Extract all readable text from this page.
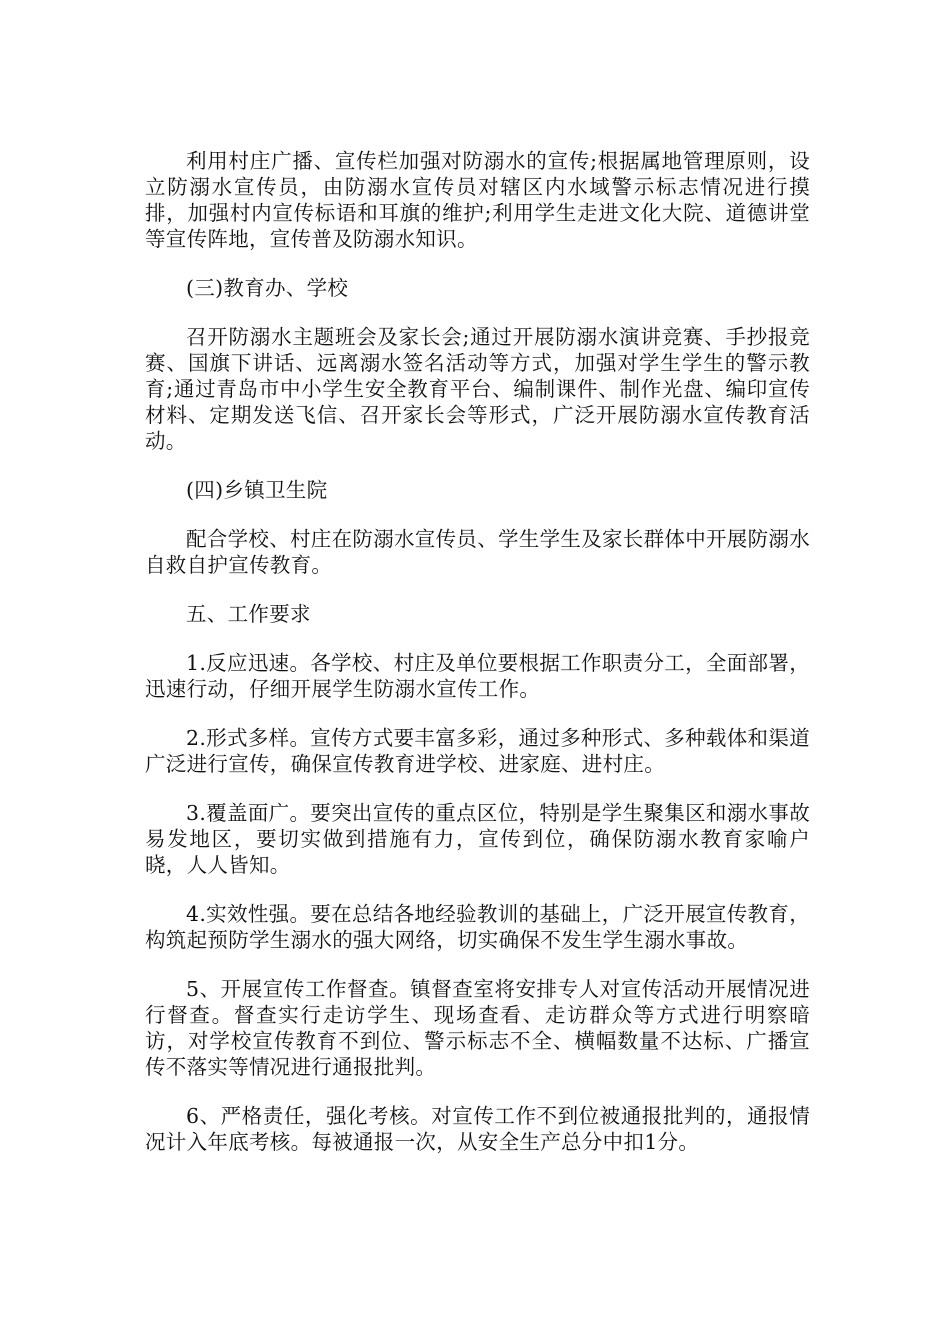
利用村庄广播、宣传栏加强对防溺水的宣传;根据属地管理原则，设立防溺水宣传员，由防溺水宣传员对辖区内水域警示标志情况进行摸排，加强村内宣传标语和耳旗的维护;利用学生走进文化大院、道德讲堂等宣传阵地，宣传普及防溺水知识。

(三)教育办、学校

召开防溺水主题班会及家长会;通过开展防溺水演讲竞赛、手抄报竞赛、国旗下讲话、远离溺水签名活动等方式，加强对学生学生的警示教育;通过青岛市中小学生安全教育平台、编制课件、制作光盘、编印宣传材料、定期发送飞信、召开家长会等形式，广泛开展防溺水宣传教育活动。

(四)乡镇卫生院

配合学校、村庄在防溺水宣传员、学生学生及家长群体中开展防溺水自救自护宣传教育。

五、工作要求

1.反应迅速。各学校、村庄及单位要根据工作职责分工，全面部署，迅速行动，仔细开展学生防溺水宣传工作。

2.形式多样。宣传方式要丰富多彩，通过多种形式、多种载体和渠道广泛进行宣传，确保宣传教育进学校、进家庭、进村庄。

3.覆盖面广。要突出宣传的重点区位，特别是学生聚集区和溺水事故易发地区，要切实做到措施有力，宣传到位，确保防溺水教育家喻户晓，人人皆知。

4.实效性强。要在总结各地经验教训的基础上，广泛开展宣传教育，构筑起预防学生溺水的强大网络，切实确保不发生学生溺水事故。

5、开展宣传工作督查。镇督查室将安排专人对宣传活动开展情况进行督查。督查实行走访学生、现场查看、走访群众等方式进行明察暗访，对学校宣传教育不到位、警示标志不全、横幅数量不达标、广播宣传不落实等情况进行通报批判。

6、严格责任，强化考核。对宣传工作不到位被通报批判的，通报情况计入年底考核。每被通报一次，从安全生产总分中扣1分。
